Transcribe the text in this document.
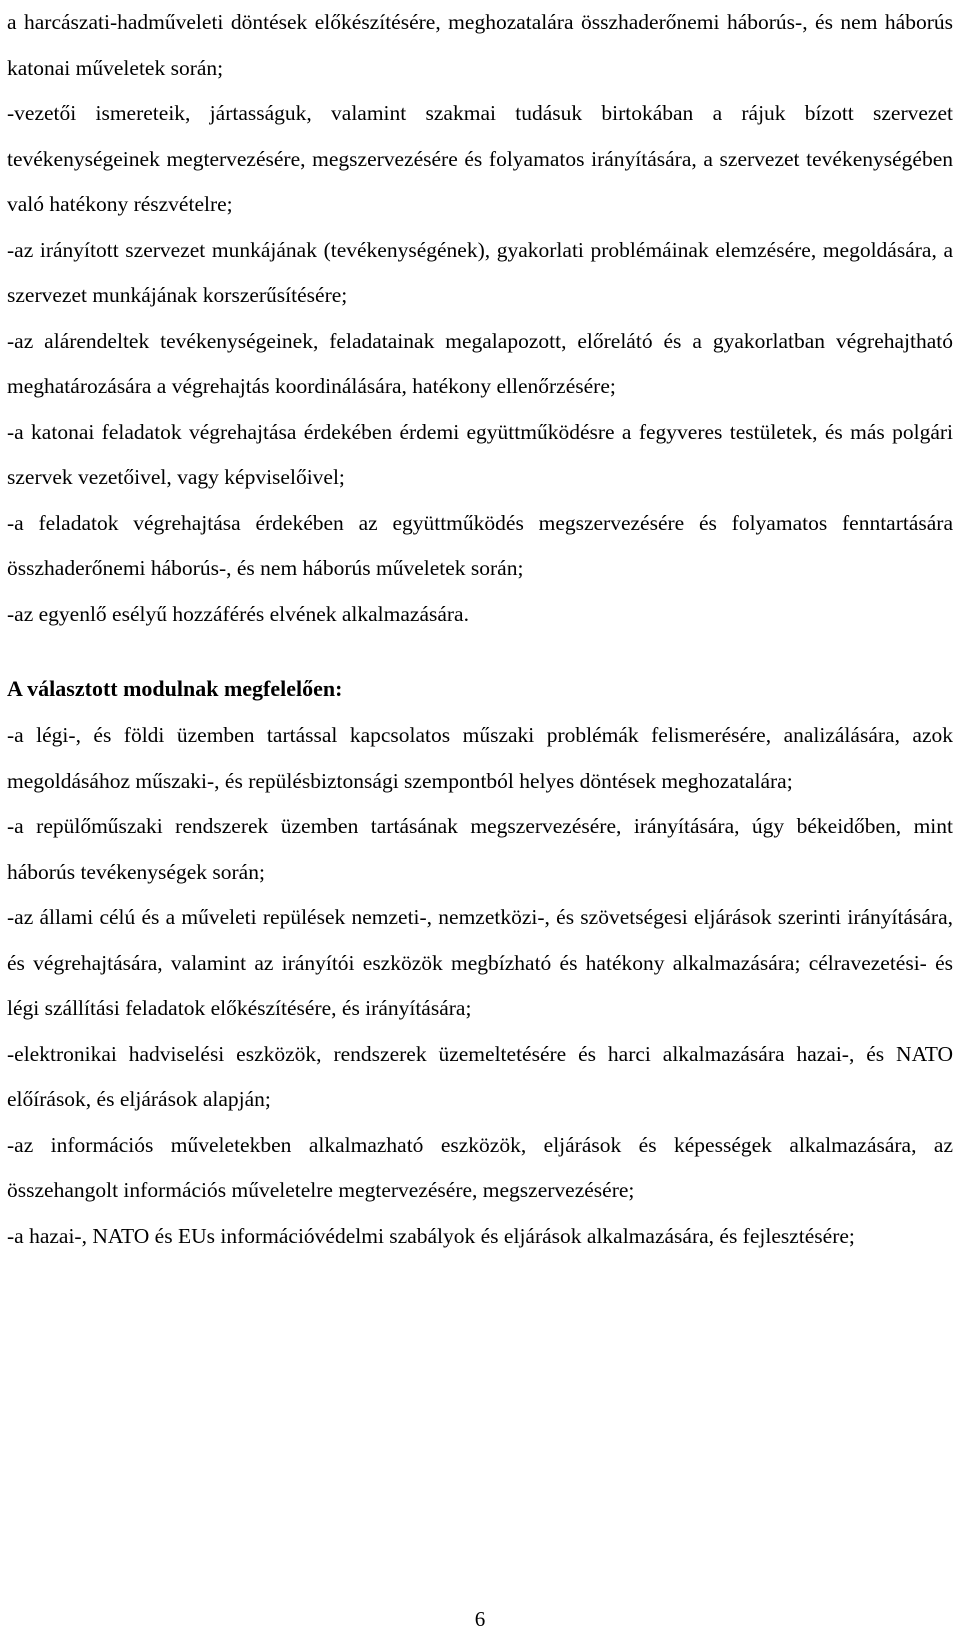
a harcászati-hadműveleti döntések előkészítésére, meghozatalára összhaderőnemi háborús-, és nem háborús katonai műveletek során;

-vezetői ismereteik, jártasságuk, valamint szakmai tudásuk birtokában a rájuk bízott szervezet tevékenységeinek megtervezésére, megszervezésére és folyamatos irányítására, a szervezet tevékenységében való hatékony részvételre;

-az irányított szervezet munkájának (tevékenységének), gyakorlati problémáinak elemzésére, megoldására, a szervezet munkájának korszerűsítésére;

-az alárendeltek tevékenységeinek, feladatainak megalapozott, előrelátó és a gyakorlatban végrehajtható meghatározására a végrehajtás koordinálására, hatékony ellenőrzésére;

-a katonai feladatok végrehajtása érdekében érdemi együttműködésre a fegyveres testületek, és más polgári szervek vezetőivel, vagy képviselőivel;

-a feladatok végrehajtása érdekében az együttműködés megszervezésére és folyamatos fenntartására összhaderőnemi háborús-, és nem háborús műveletek során;

-az egyenlő esélyű hozzáférés elvének alkalmazására.

A választott modulnak megfelelően:

-a légi-, és földi üzemben tartással kapcsolatos műszaki problémák felismerésére, analizálására, azok megoldásához műszaki-, és repülésbiztonsági szempontból helyes döntések meghozatalára;

-a repülőműszaki rendszerek üzemben tartásának megszervezésére, irányítására, úgy békeidőben, mint háborús tevékenységek során;

-az állami célú és a műveleti repülések nemzeti-, nemzetközi-, és szövetségesi eljárások szerinti irányítására, és végrehajtására, valamint az irányítói eszközök megbízható és hatékony alkalmazására; célravezetési- és légi szállítási feladatok előkészítésére, és irányítására;

-elektronikai hadviselési eszközök, rendszerek üzemeltetésére és harci alkalmazására hazai-, és NATO előírások, és eljárások alapján;

-az információs műveletekben alkalmazható eszközök, eljárások és képességek alkalmazására, az összehangolt információs műveletelre megtervezésére, megszervezésére;

-a hazai-, NATO és EUs információvédelmi szabályok és eljárások alkalmazására, és fejlesztésére;

6
